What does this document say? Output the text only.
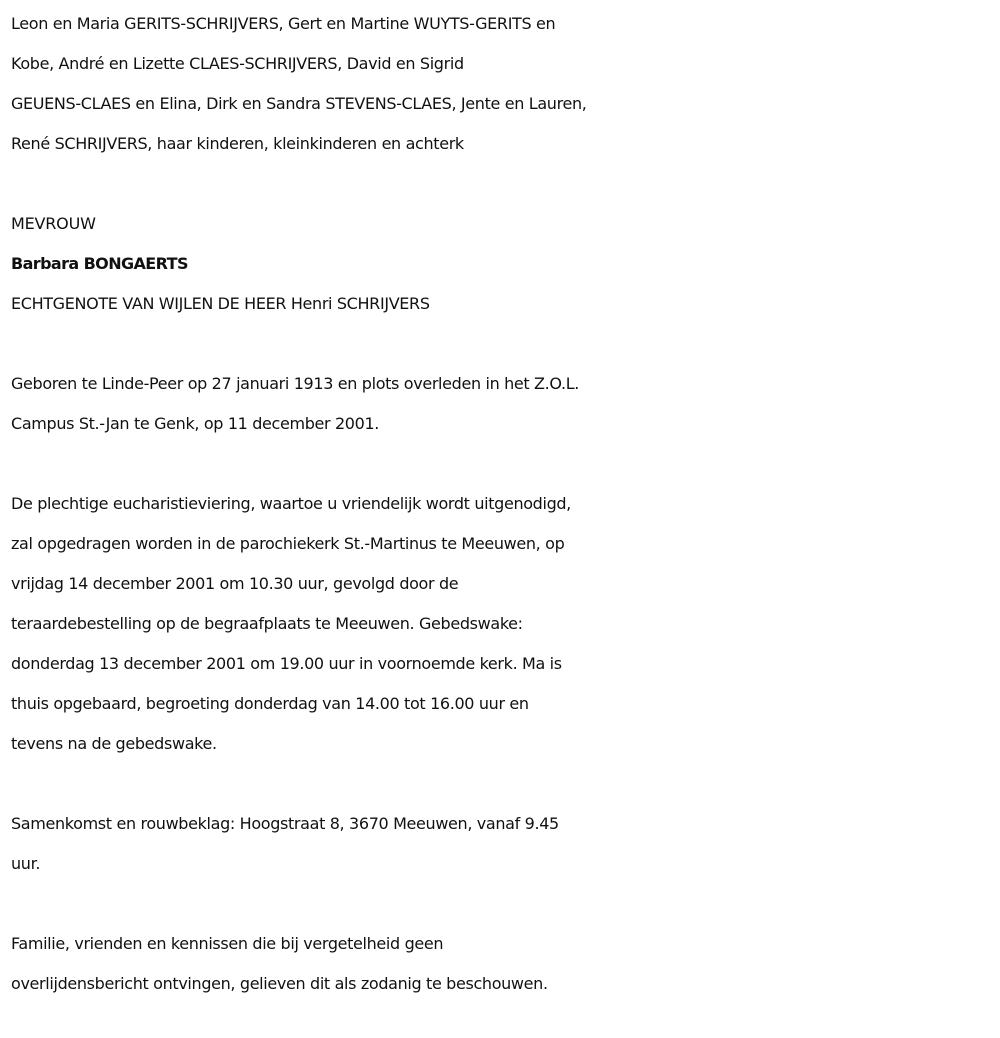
Leon en Maria GERITS-SCHRIJVERS, Gert en Martine WUYTS-GERITS en
Kobe, André en Lizette CLAES-SCHRIJVERS, David en Sigrid
GEUENS-CLAES en Elina, Dirk en Sandra STEVENS-CLAES, Jente en Lauren,
René SCHRIJVERS, haar kinderen, kleinkinderen en achterk
MEVROUW
Barbara BONGAERTS
ECHTGENOTE VAN WIJLEN DE HEER Henri SCHRIJVERS
Geboren te Linde-Peer op 27 januari 1913 en plots overleden in het Z.O.L.
Campus St.-Jan te Genk, op 11 december 2001.
De plechtige eucharistieviering, waartoe u vriendelijk wordt uitgenodigd,
zal opgedragen worden in de parochiekerk St.-Martinus te Meeuwen, op
vrijdag 14 december 2001 om 10.30 uur, gevolgd door de
teraardebestelling op de begraafplaats te Meeuwen. Gebedswake:
donderdag 13 december 2001 om 19.00 uur in voornoemde kerk. Ma is
thuis opgebaard, begroeting donderdag van 14.00 tot 16.00 uur en
tevens na de gebedswake.
Samenkomst en rouwbeklag: Hoogstraat 8, 3670 Meeuwen, vanaf 9.45
uur.
Familie, vrienden en kennissen die bij vergetelheid geen
overlijdensbericht ontvingen, gelieven dit als zodanig te beschouwen.
